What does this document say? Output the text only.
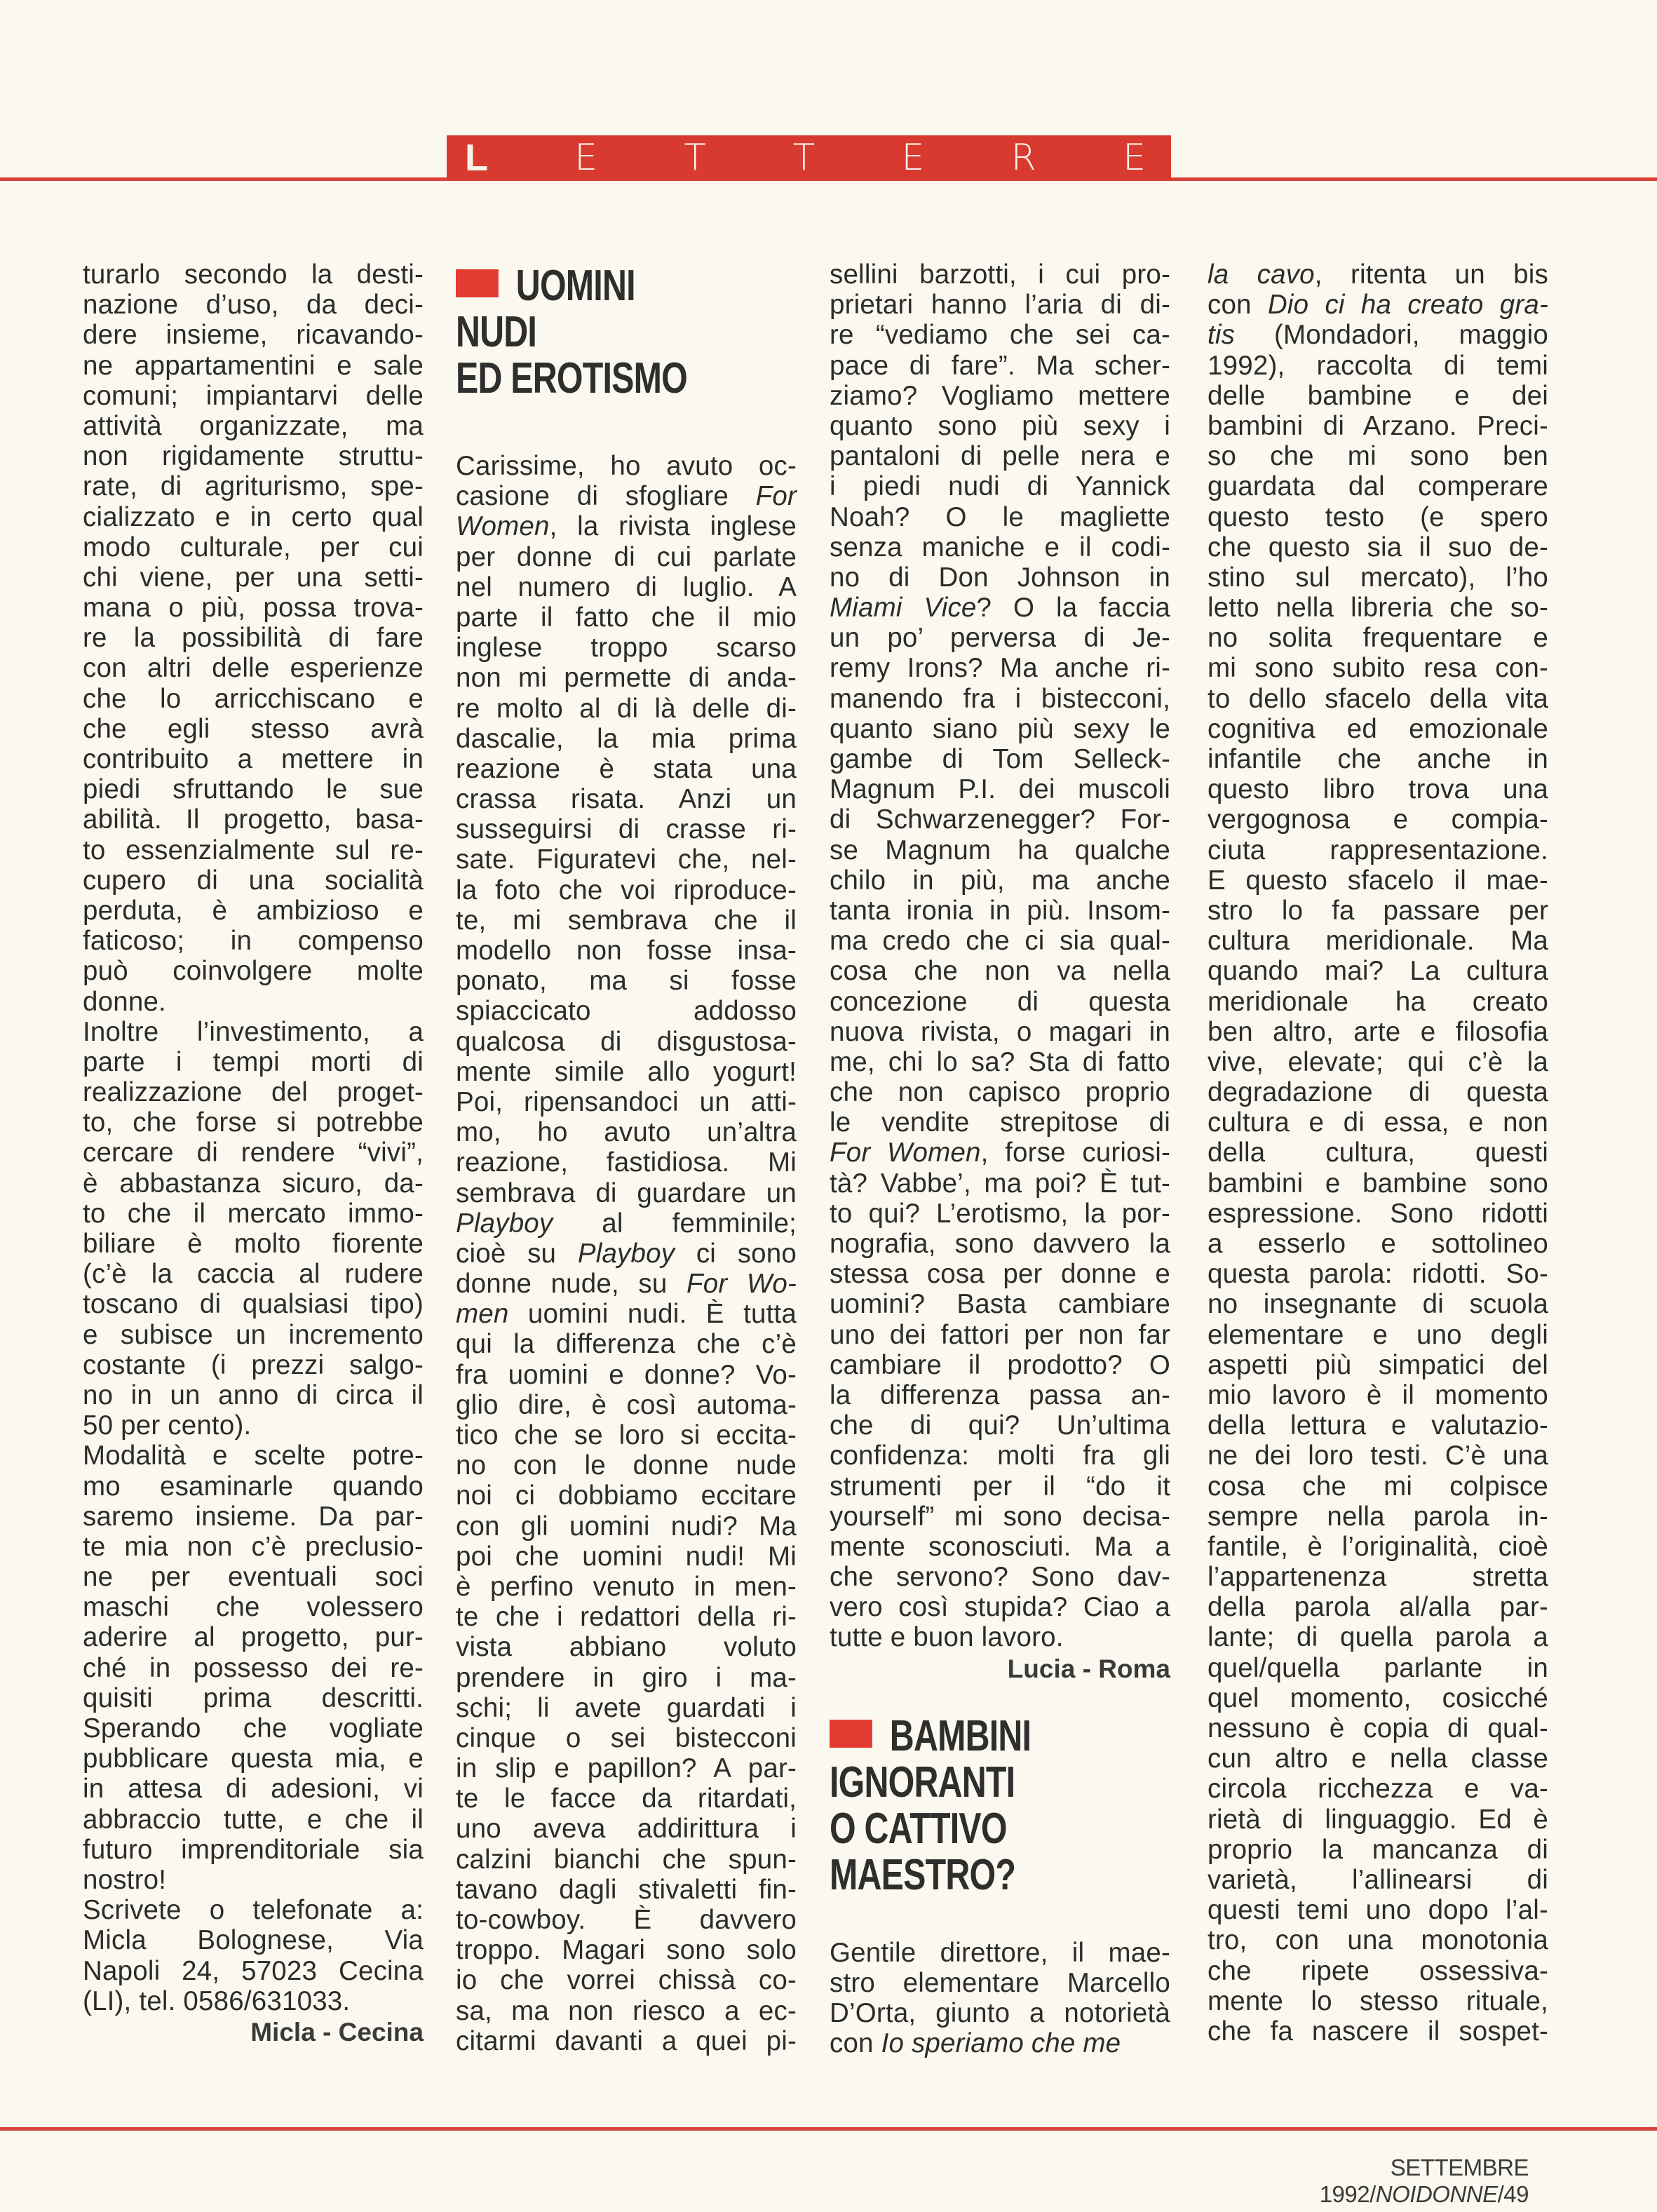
L E T T E R E
turarlo secondo la desti-
nazione d’uso, da deci-
dere insieme, ricavando-
ne appartamentini e sale
comuni; impiantarvi delle
attività organizzate, ma
non rigidamente struttu-
rate, di agriturismo, spe-
cializzato e in certo qual
modo culturale, per cui
chi viene, per una setti-
mana o più, possa trova-
re la possibilità di fare
con altri delle esperienze
che lo arricchiscano e
che egli stesso avrà
contribuito a mettere in
piedi sfruttando le sue
abilità. Il progetto, basa-
to essenzialmente sul re-
cupero di una socialità
perduta, è ambizioso e
faticoso; in compenso
può coinvolgere molte
donne.
Inoltre l’investimento, a
parte i tempi morti di
realizzazione del proget-
to, che forse si potrebbe
cercare di rendere “vivi”,
è abbastanza sicuro, da-
to che il mercato immo-
biliare è molto fiorente
(c’è la caccia al rudere
toscano di qualsiasi tipo)
e subisce un incremento
costante (i prezzi salgo-
no in un anno di circa il
50 per cento).
Modalità e scelte potre-
mo esaminarle quando
saremo insieme. Da par-
te mia non c’è preclusio-
ne per eventuali soci
maschi che volessero
aderire al progetto, pur-
ché in possesso dei re-
quisiti prima descritti.
Sperando che vogliate
pubblicare questa mia, e
in attesa di adesioni, vi
abbraccio tutte, e che il
futuro imprenditoriale sia
nostro!
Scrivete o telefonate a:
Micla Bolognese, Via
Napoli 24, 57023 Cecina
(LI), tel. 0586/631033.
Micla - Cecina
UOMINI
NUDI
ED EROTISMO
Carissime, ho avuto oc-
casione di sfogliare For
Women, la rivista inglese
per donne di cui parlate
nel numero di luglio. A
parte il fatto che il mio
inglese troppo scarso
non mi permette di anda-
re molto al di là delle di-
dascalie, la mia prima
reazione è stata una
crassa risata. Anzi un
susseguirsi di crasse ri-
sate. Figuratevi che, nel-
la foto che voi riproduce-
te, mi sembrava che il
modello non fosse insa-
ponato, ma si fosse
spiaccicato addosso
qualcosa di disgustosa-
mente simile allo yogurt!
Poi, ripensandoci un atti-
mo, ho avuto un’altra
reazione, fastidiosa. Mi
sembrava di guardare un
Playboy al femminile;
cioè su Playboy ci sono
donne nude, su For Wo-
men uomini nudi. È tutta
qui la differenza che c’è
fra uomini e donne? Vo-
glio dire, è così automa-
tico che se loro si eccita-
no con le donne nude
noi ci dobbiamo eccitare
con gli uomini nudi? Ma
poi che uomini nudi! Mi
è perfino venuto in men-
te che i redattori della ri-
vista abbiano voluto
prendere in giro i ma-
schi; li avete guardati i
cinque o sei bistecconi
in slip e papillon? A par-
te le facce da ritardati,
uno aveva addirittura i
calzini bianchi che spun-
tavano dagli stivaletti fin-
to-cowboy. È davvero
troppo. Magari sono solo
io che vorrei chissà co-
sa, ma non riesco a ec-
citarmi davanti a quei pi-
sellini barzotti, i cui pro-
prietari hanno l’aria di di-
re “vediamo che sei ca-
pace di fare”. Ma scher-
ziamo? Vogliamo mettere
quanto sono più sexy i
pantaloni di pelle nera e
i piedi nudi di Yannick
Noah? O le magliette
senza maniche e il codi-
no di Don Johnson in
Miami Vice? O la faccia
un po’ perversa di Je-
remy Irons? Ma anche ri-
manendo fra i bistecconi,
quanto siano più sexy le
gambe di Tom Selleck-
Magnum P.I. dei muscoli
di Schwarzenegger? For-
se Magnum ha qualche
chilo in più, ma anche
tanta ironia in più. Insom-
ma credo che ci sia qual-
cosa che non va nella
concezione di questa
nuova rivista, o magari in
me, chi lo sa? Sta di fatto
che non capisco proprio
le vendite strepitose di
For Women, forse curiosi-
tà? Vabbe’, ma poi? È tut-
to qui? L’erotismo, la por-
nografia, sono davvero la
stessa cosa per donne e
uomini? Basta cambiare
uno dei fattori per non far
cambiare il prodotto? O
la differenza passa an-
che di qui? Un’ultima
confidenza: molti fra gli
strumenti per il “do it
yourself” mi sono decisa-
mente sconosciuti. Ma a
che servono? Sono dav-
vero così stupida? Ciao a
tutte e buon lavoro.
Lucia - Roma
BAMBINI
IGNORANTI
O CATTIVO
MAESTRO?
Gentile direttore, il mae-
stro elementare Marcello
D’Orta, giunto a notorietà
con Io speriamo che me
la cavo, ritenta un bis
con Dio ci ha creato gra-
tis (Mondadori, maggio
1992), raccolta di temi
delle bambine e dei
bambini di Arzano. Preci-
so che mi sono ben
guardata dal comperare
questo testo (e spero
che questo sia il suo de-
stino sul mercato), l’ho
letto nella libreria che so-
no solita frequentare e
mi sono subito resa con-
to dello sfacelo della vita
cognitiva ed emozionale
infantile che anche in
questo libro trova una
vergognosa e compia-
ciuta rappresentazione.
E questo sfacelo il mae-
stro lo fa passare per
cultura meridionale. Ma
quando mai? La cultura
meridionale ha creato
ben altro, arte e filosofia
vive, elevate; qui c’è la
degradazione di questa
cultura e di essa, e non
della cultura, questi
bambini e bambine sono
espressione. Sono ridotti
a esserlo e sottolineo
questa parola: ridotti. So-
no insegnante di scuola
elementare e uno degli
aspetti più simpatici del
mio lavoro è il momento
della lettura e valutazio-
ne dei loro testi. C’è una
cosa che mi colpisce
sempre nella parola in-
fantile, è l’originalità, cioè
l’appartenenza stretta
della parola al/alla par-
lante; di quella parola a
quel/quella parlante in
quel momento, cosicché
nessuno è copia di qual-
cun altro e nella classe
circola ricchezza e va-
rietà di linguaggio. Ed è
proprio la mancanza di
varietà, l’allinearsi di
questi temi uno dopo l’al-
tro, con una monotonia
che ripete ossessiva-
mente lo stesso rituale,
che fa nascere il sospet-
SETTEMBRE 1992/NOIDONNE/49
